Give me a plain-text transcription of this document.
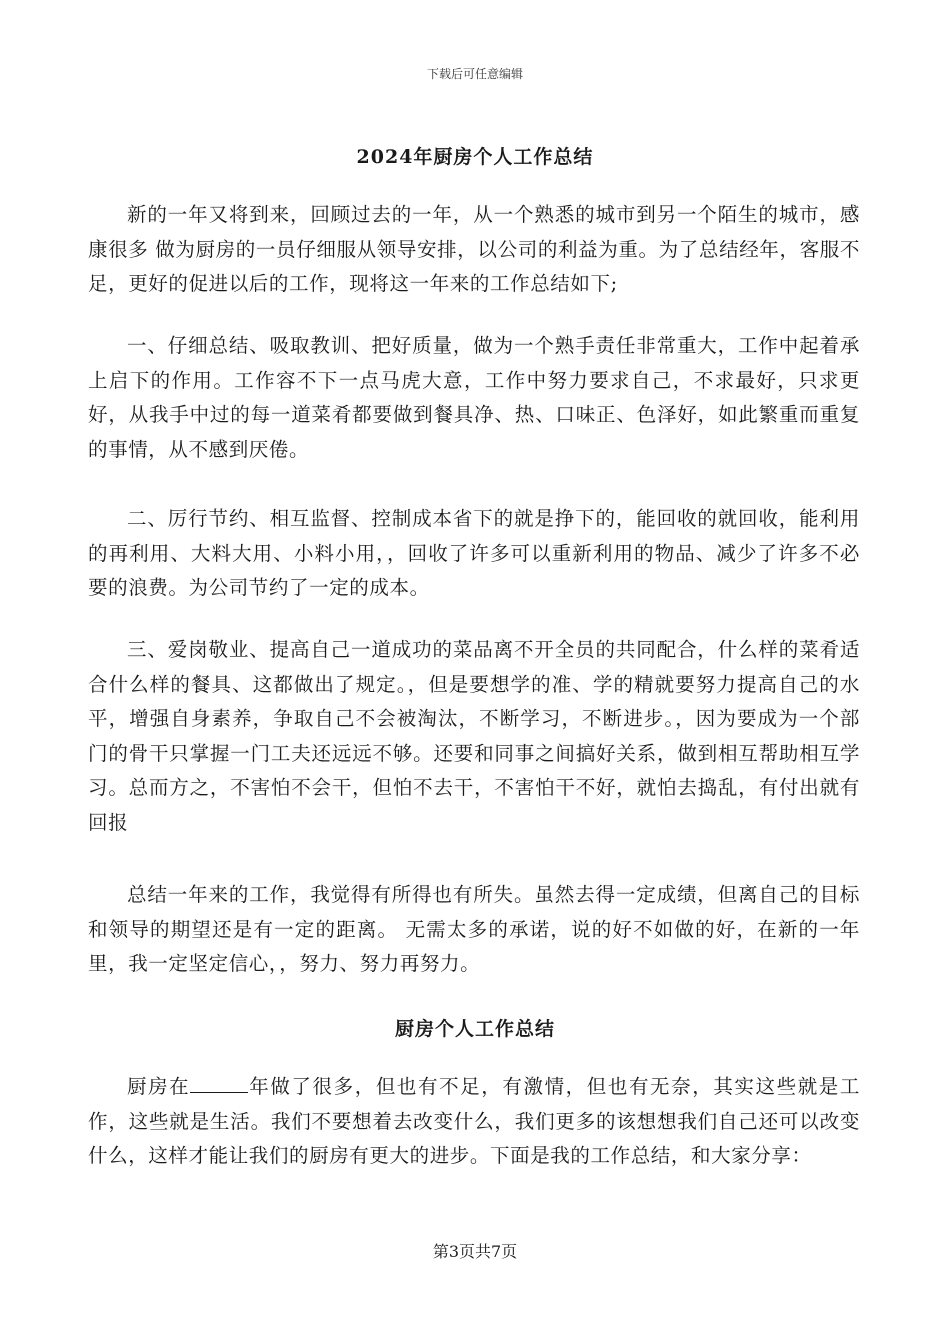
下载后可任意编辑
2024年厨房个人工作总结

新的一年又将到来，回顾过去的一年，从一个熟悉的城市到另一个陌生的城市，感康很多 做为厨房的一员仔细服从领导安排，以公司的利益为重。为了总结经年，客服不足，更好的促进以后的工作，现将这一年来的工作总结如下;

一、仔细总结、吸取教训、把好质量，做为一个熟手责任非常重大，工作中起着承上启下的作用。工作容不下一点马虎大意，工作中努力要求自己，不求最好，只求更好，从我手中过的每一道菜肴都要做到餐具净、热、口味正、色泽好，如此繁重而重复的事情，从不感到厌倦。

二、厉行节约、相互监督、控制成本省下的就是挣下的，能回收的就回收，能利用的再利用、大料大用、小料小用，，回收了许多可以重新利用的物品、减少了许多不必要的浪费。为公司节约了一定的成本。

三、爱岗敬业、提高自己一道成功的菜品离不开全员的共同配合，什么样的菜肴适合什么样的餐具、这都做出了规定。，但是要想学的准、学的精就要努力提高自己的水平，增强自身素养，争取自己不会被淘汰，不断学习，不断进步。，因为要成为一个部门的骨干只掌握一门工夫还远远不够。还要和同事之间搞好关系，做到相互帮助相互学习。总而方之，不害怕不会干，但怕不去干，不害怕干不好，就怕去捣乱，有付出就有回报

总结一年来的工作，我觉得有所得也有所失。虽然去得一定成绩，但离自己的目标和领导的期望还是有一定的距离。 无需太多的承诺，说的好不如做的好，在新的一年里，我一定坚定信心，，努力、努力再努力。

厨房个人工作总结

厨房在	年做了很多，但也有不足，有激情，但也有无奈，其实这些就是工作，这些就是生活。我们不要想着去改变什么，我们更多的该想想我们自己还可以改变什么，这样才能让我们的厨房有更大的进步。下面是我的工作总结，和大家分享：

第3页共7页
